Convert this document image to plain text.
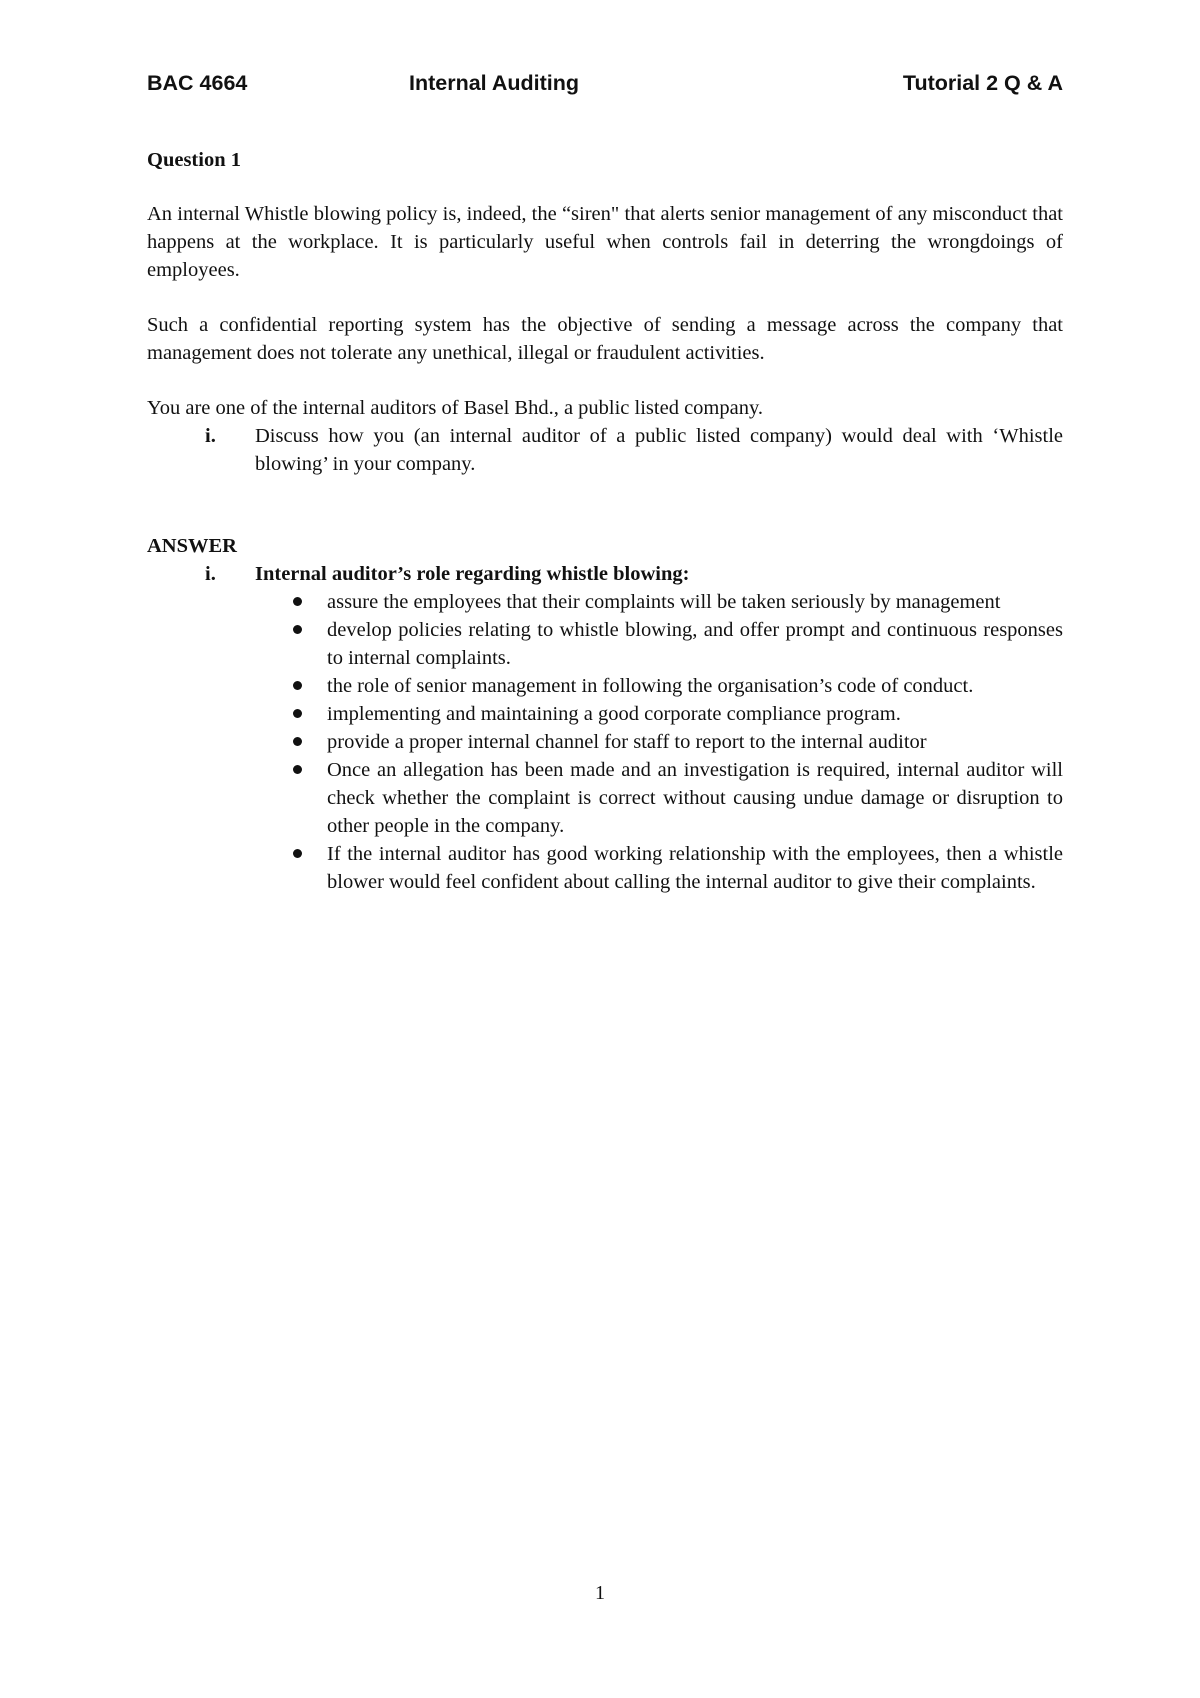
BAC 4664	Internal Auditing	Tutorial 2 Q & A

Question 1

An internal Whistle blowing policy is, indeed, the “siren" that alerts senior management of any misconduct that happens at the workplace. It is particularly useful when controls fail in deterring the wrongdoings of employees.

Such a confidential reporting system has the objective of sending a message across the company that management does not tolerate any unethical, illegal or fraudulent activities.

You are one of the internal auditors of Basel Bhd., a public listed company.

i. Discuss how you (an internal auditor of a public listed company) would deal with ‘Whistle blowing’ in your company.

ANSWER

i. Internal auditor’s role regarding whistle blowing:
assure the employees that their complaints will be taken seriously by management
develop policies relating to whistle blowing, and offer prompt and continuous responses to internal complaints.
the role of senior management in following the organisation’s code of conduct.
implementing and maintaining a good corporate compliance program.
provide a proper internal channel for staff to report to the internal auditor
Once an allegation has been made and an investigation is required, internal auditor will check whether the complaint is correct without causing undue damage or disruption to other people in the company.
If the internal auditor has good working relationship with the employees, then a whistle blower would feel confident about calling the internal auditor to give their complaints.
1
